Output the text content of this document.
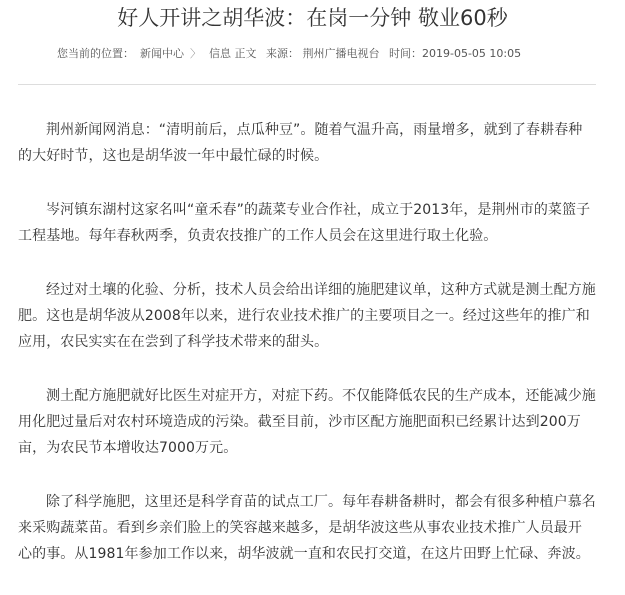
好人开讲之胡华波：在岗一分钟 敬业60秒
您当前的位置： 新闻中心 〉 信息 正文 来源： 荆州广播电视台 时间：2019-05-05 10:05

荆州新闻网消息：“清明前后，点瓜种豆”。随着气温升高，雨量增多，就到了春耕春种的大好时节，这也是胡华波一年中最忙碌的时候。

岑河镇东湖村这家名叫“童禾春”的蔬菜专业合作社，成立于2013年，是荆州市的菜篮子工程基地。每年春秋两季，负责农技推广的工作人员会在这里进行取土化验。

经过对土壤的化验、分析，技术人员会给出详细的施肥建议单，这种方式就是测土配方施肥。这也是胡华波从2008年以来，进行农业技术推广的主要项目之一。经过这些年的推广和应用，农民实实在在尝到了科学技术带来的甜头。

测土配方施肥就好比医生对症开方，对症下药。不仅能降低农民的生产成本，还能减少施用化肥过量后对农村环境造成的污染。截至目前，沙市区配方施肥面积已经累计达到200万亩，为农民节本增收达7000万元。

除了科学施肥，这里还是科学育苗的试点工厂。每年春耕备耕时，都会有很多种植户慕名来采购蔬菜苗。看到乡亲们脸上的笑容越来越多，是胡华波这些从事农业技术推广人员最开心的事。从1981年参加工作以来，胡华波就一直和农民打交道，在这片田野上忙碌、奔波。
